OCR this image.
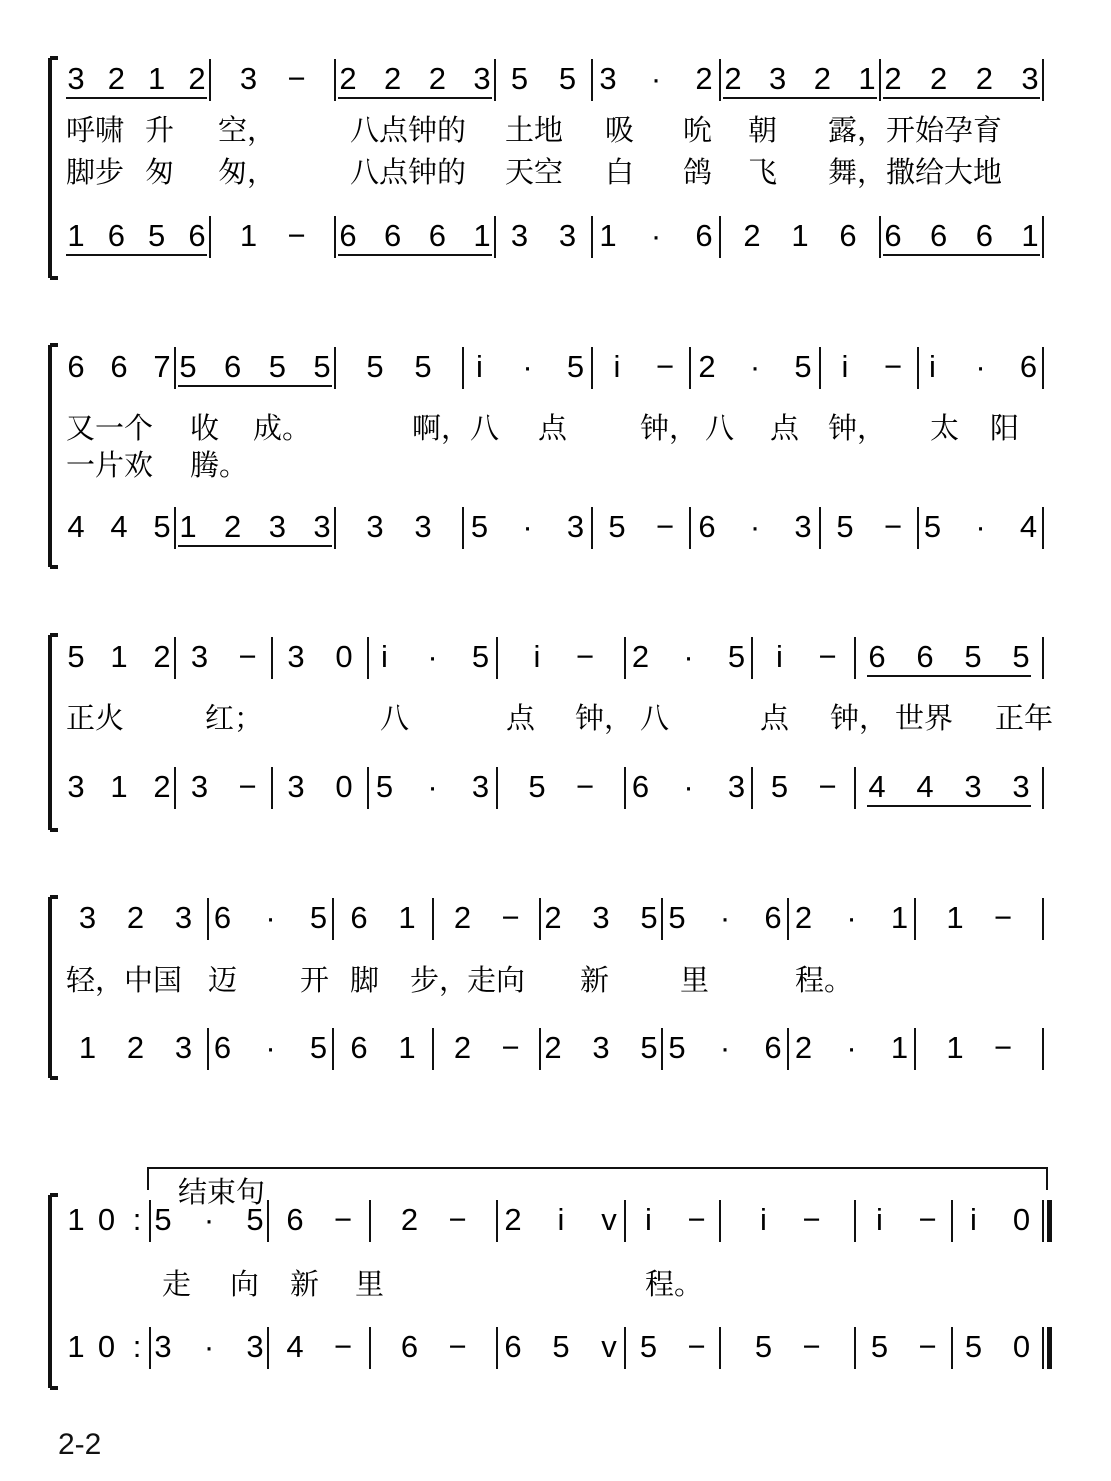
3 2 1 2 3 − 2 2 2 3 5 5 3 · 2 2 3 2 1 2 2 2 3
1 6 5 6 1 − 6 6 6 1 3 3 1 · 6 2 1 6 6 6 6 1
呼啸 升 空，	八点钟的 土地 吸 吮 朝 露，开始孕育
脚步 匆 匆，	八点钟的 天空 白 鸽 飞 舞，撒给大地
6 6 7 5 6 5 5 5 5 i · 5 i − 2 · 5 i − i · 6
4 4 5 1 2 3 3 3 3 5 · 3 5 − 6 · 3 5 − 5 · 4
又一个 收 成。	啊，八 点	钟， 八 点 钟， 太 阳
一片欢 腾。
5 1 2 3 − 3 0 i · 5 i − 2 · 5 i − 6 6 5 5
3 1 2 3 − 3 0 5 · 3 5 − 6 · 3 5 − 4 4 3 3
正火	红；	八	点 钟， 八	点 钟， 世界 正年
3 2 3 6 · 5 6 1 2 − 2 3 5 5 · 6 2 · 1 1 −
1 2 3 6 · 5 6 1 2 − 2 3 5 5 · 6 2 · 1 1 −
轻，中国 迈 开 脚 步，
走向 新 里	程。
1 0 : 5 · 5 6 − 2 − 2 i v i − i − i − i 0
1 0 : 3 · 3 4 − 6 − 6 5 v 5 − 5 − 5 − 5 0
走 向 新 里	程。
结束句
2-2
